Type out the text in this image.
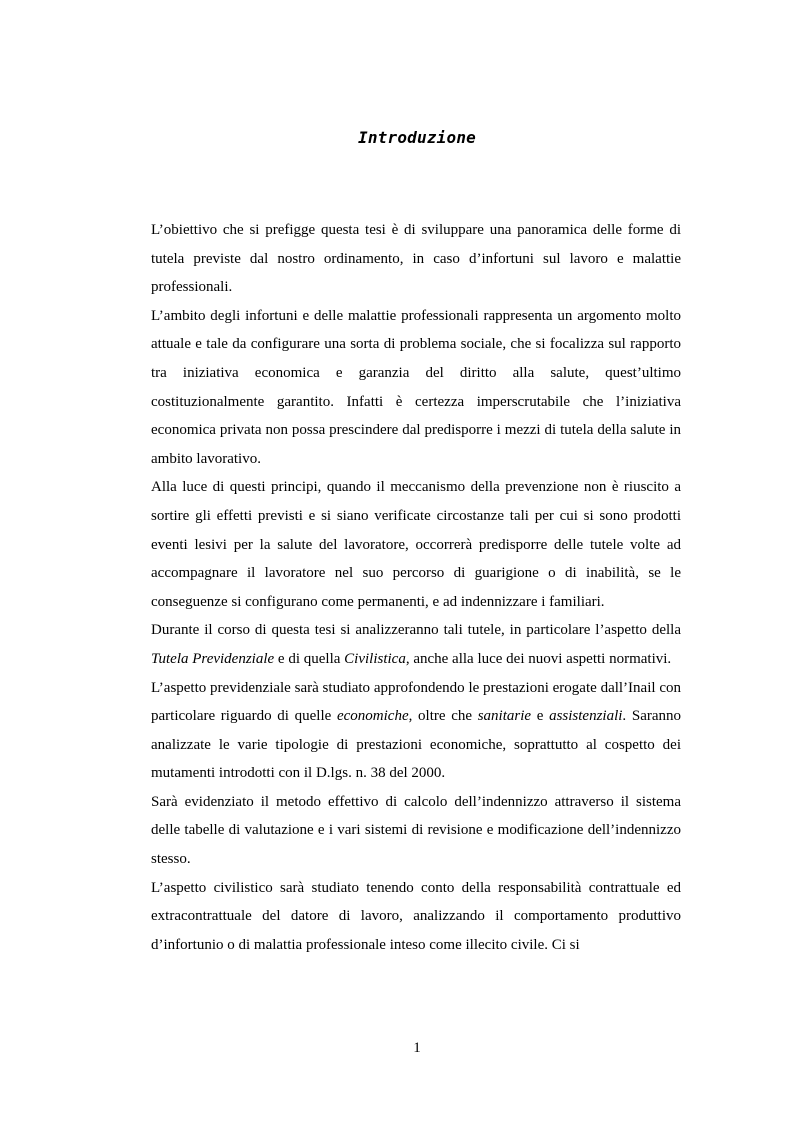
Introduzione

L’obiettivo che si prefigge questa tesi è di sviluppare una panoramica delle forme di tutela previste dal nostro ordinamento, in caso d’infortuni sul lavoro e malattie professionali.

L’ambito degli infortuni e delle malattie professionali rappresenta un argomento molto attuale e tale da configurare una sorta di problema sociale, che si focalizza sul rapporto tra iniziativa economica e garanzia del diritto alla salute, quest’ultimo costituzionalmente garantito. Infatti è certezza imperscrutabile che l’iniziativa economica privata non possa prescindere dal predisporre i mezzi di tutela della salute in ambito lavorativo.

Alla luce di questi principi, quando il meccanismo della prevenzione non è riuscito a sortire gli effetti previsti e si siano verificate circostanze tali per cui si sono prodotti eventi lesivi per la salute del lavoratore, occorrerà predisporre delle tutele volte ad accompagnare il lavoratore nel suo percorso di guarigione o di inabilità, se le conseguenze si configurano come permanenti, e ad indennizzare i familiari.

Durante il corso di questa tesi si analizzeranno tali tutele, in particolare l’aspetto della Tutela Previdenziale e di quella Civilistica, anche alla luce dei nuovi aspetti normativi.

L’aspetto previdenziale sarà studiato approfondendo le prestazioni erogate dall’Inail con particolare riguardo di quelle economiche, oltre che sanitarie e assistenziali. Saranno analizzate le varie tipologie di prestazioni economiche, soprattutto al cospetto dei mutamenti introdotti con il D.lgs. n. 38 del 2000.

Sarà evidenziato il metodo effettivo di calcolo dell’indennizzo attraverso il sistema delle tabelle di valutazione e i vari sistemi di revisione e modificazione dell’indennizzo stesso.

L’aspetto civilistico sarà studiato tenendo conto della responsabilità contrattuale ed extracontrattuale del datore di lavoro, analizzando il comportamento produttivo d’infortunio o di malattia professionale inteso come illecito civile. Ci si

1
